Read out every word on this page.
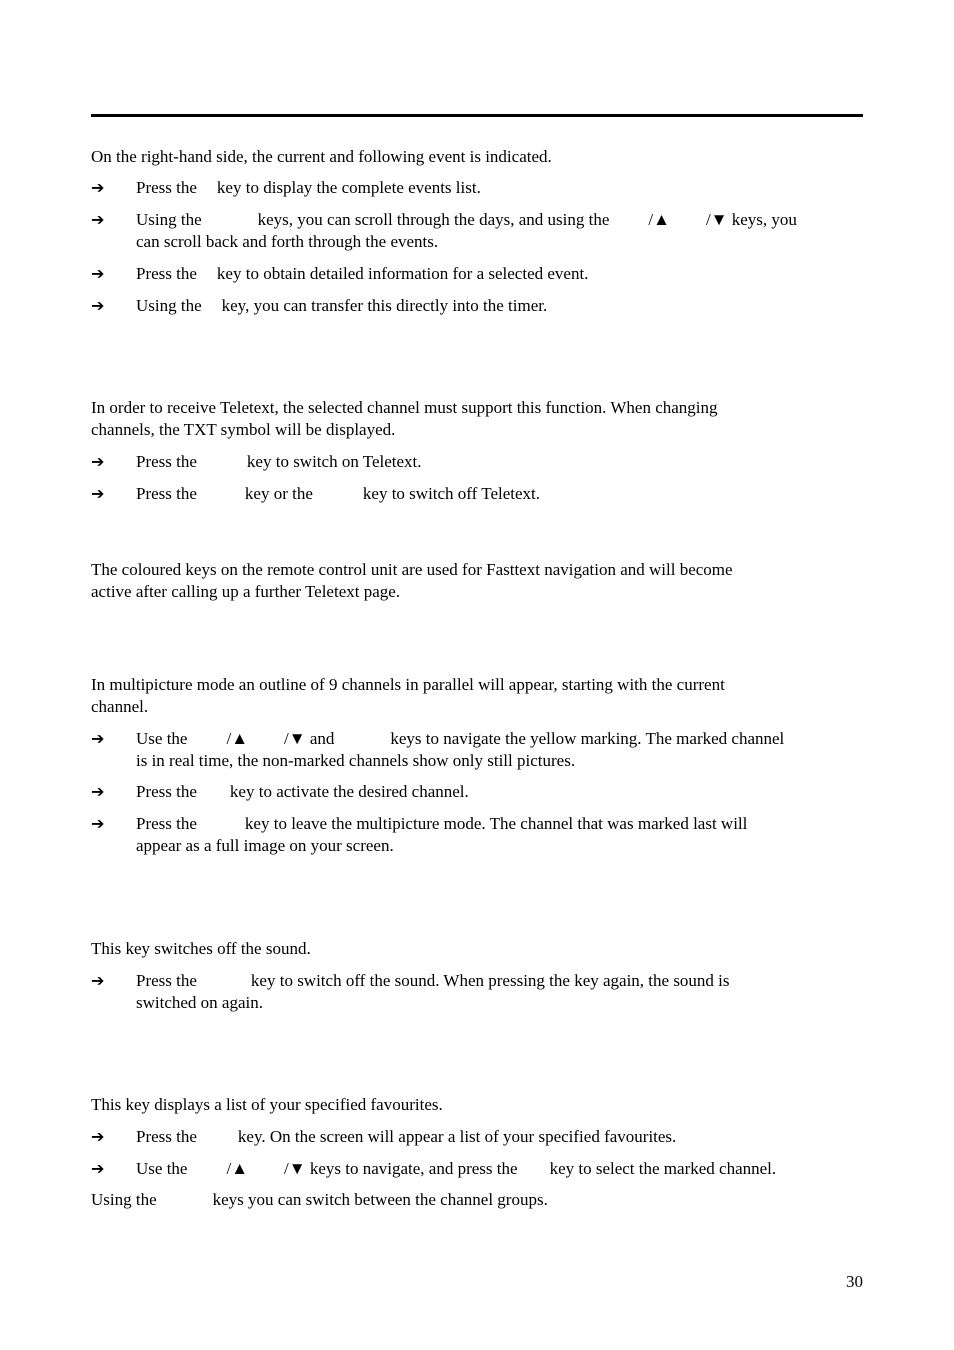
On the right-hand side, the current and following event is indicated.
➔	Press the key to display the complete events list.
➔	Using the	keys, you can scroll through the days, and using the /▲ /▼ keys, you
can scroll back and forth through the events.
➔	Press the key to obtain detailed information for a selected event.
➔	Using the key, you can transfer this directly into the timer.
In order to receive Teletext, the selected channel must support this function. When changing
channels, the TXT symbol will be displayed.
➔	Press the	key to switch on Teletext.
➔	Press the	key or the	key to switch off Teletext.
The coloured keys on the remote control unit are used for Fasttext navigation and will become
active after calling up a further Teletext page.
In multipicture mode an outline of 9 channels in parallel will appear, starting with the current
channel.
➔	Use the /▲ /▼ and	keys to navigate the yellow marking. The marked channel
is in real time, the non-marked channels show only still pictures.
➔	Press the key to activate the desired channel.
➔	Press the	key to leave the multipicture mode. The channel that was marked last will
appear as a full image on your screen.
This key switches off the sound.
➔	Press the	key to switch off the sound. When pressing the key again, the sound is
switched on again.
This key displays a list of your specified favourites.
➔	Press the key. On the screen will appear a list of your specified favourites.
➔	Use the /▲ /▼ keys to navigate, and press the key to select the marked channel.
Using the	keys you can switch between the channel groups.
30
